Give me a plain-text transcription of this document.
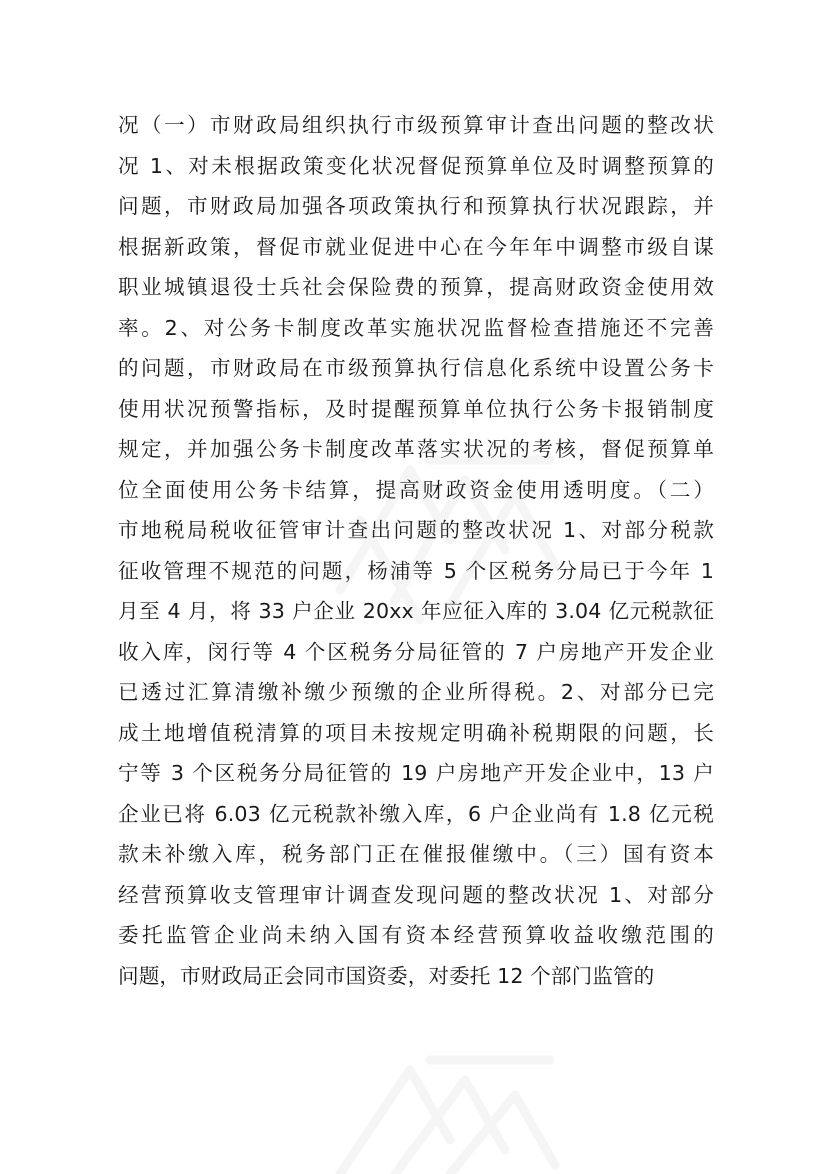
况（一）市财政局组织执行市级预算审计查出问题的整改状
况 1、对未根据政策变化状况督促预算单位及时调整预算的
问题，市财政局加强各项政策执行和预算执行状况跟踪，并
根据新政策，督促市就业促进中心在今年年中调整市级自谋
职业城镇退役士兵社会保险费的预算，提高财政资金使用效
率。2、对公务卡制度改革实施状况监督检查措施还不完善
的问题，市财政局在市级预算执行信息化系统中设置公务卡
使用状况预警指标，及时提醒预算单位执行公务卡报销制度
规定，并加强公务卡制度改革落实状况的考核，督促预算单
位全面使用公务卡结算，提高财政资金使用透明度。（二）
市地税局税收征管审计查出问题的整改状况 1、对部分税款
征收管理不规范的问题，杨浦等 5 个区税务分局已于今年 1
月至 4 月，将 33 户企业 20xx 年应征入库的 3.04 亿元税款征
收入库，闵行等 4 个区税务分局征管的 7 户房地产开发企业
已透过汇算清缴补缴少预缴的企业所得税。2、对部分已完
成土地增值税清算的项目未按规定明确补税期限的问题，长
宁等 3 个区税务分局征管的 19 户房地产开发企业中，13 户
企业已将 6.03 亿元税款补缴入库，6 户企业尚有 1.8 亿元税
款未补缴入库，税务部门正在催报催缴中。（三）国有资本
经营预算收支管理审计调查发现问题的整改状况 1、对部分
委托监管企业尚未纳入国有资本经营预算收益收缴范围的
问题，市财政局正会同市国资委，对委托 12 个部门监管的
